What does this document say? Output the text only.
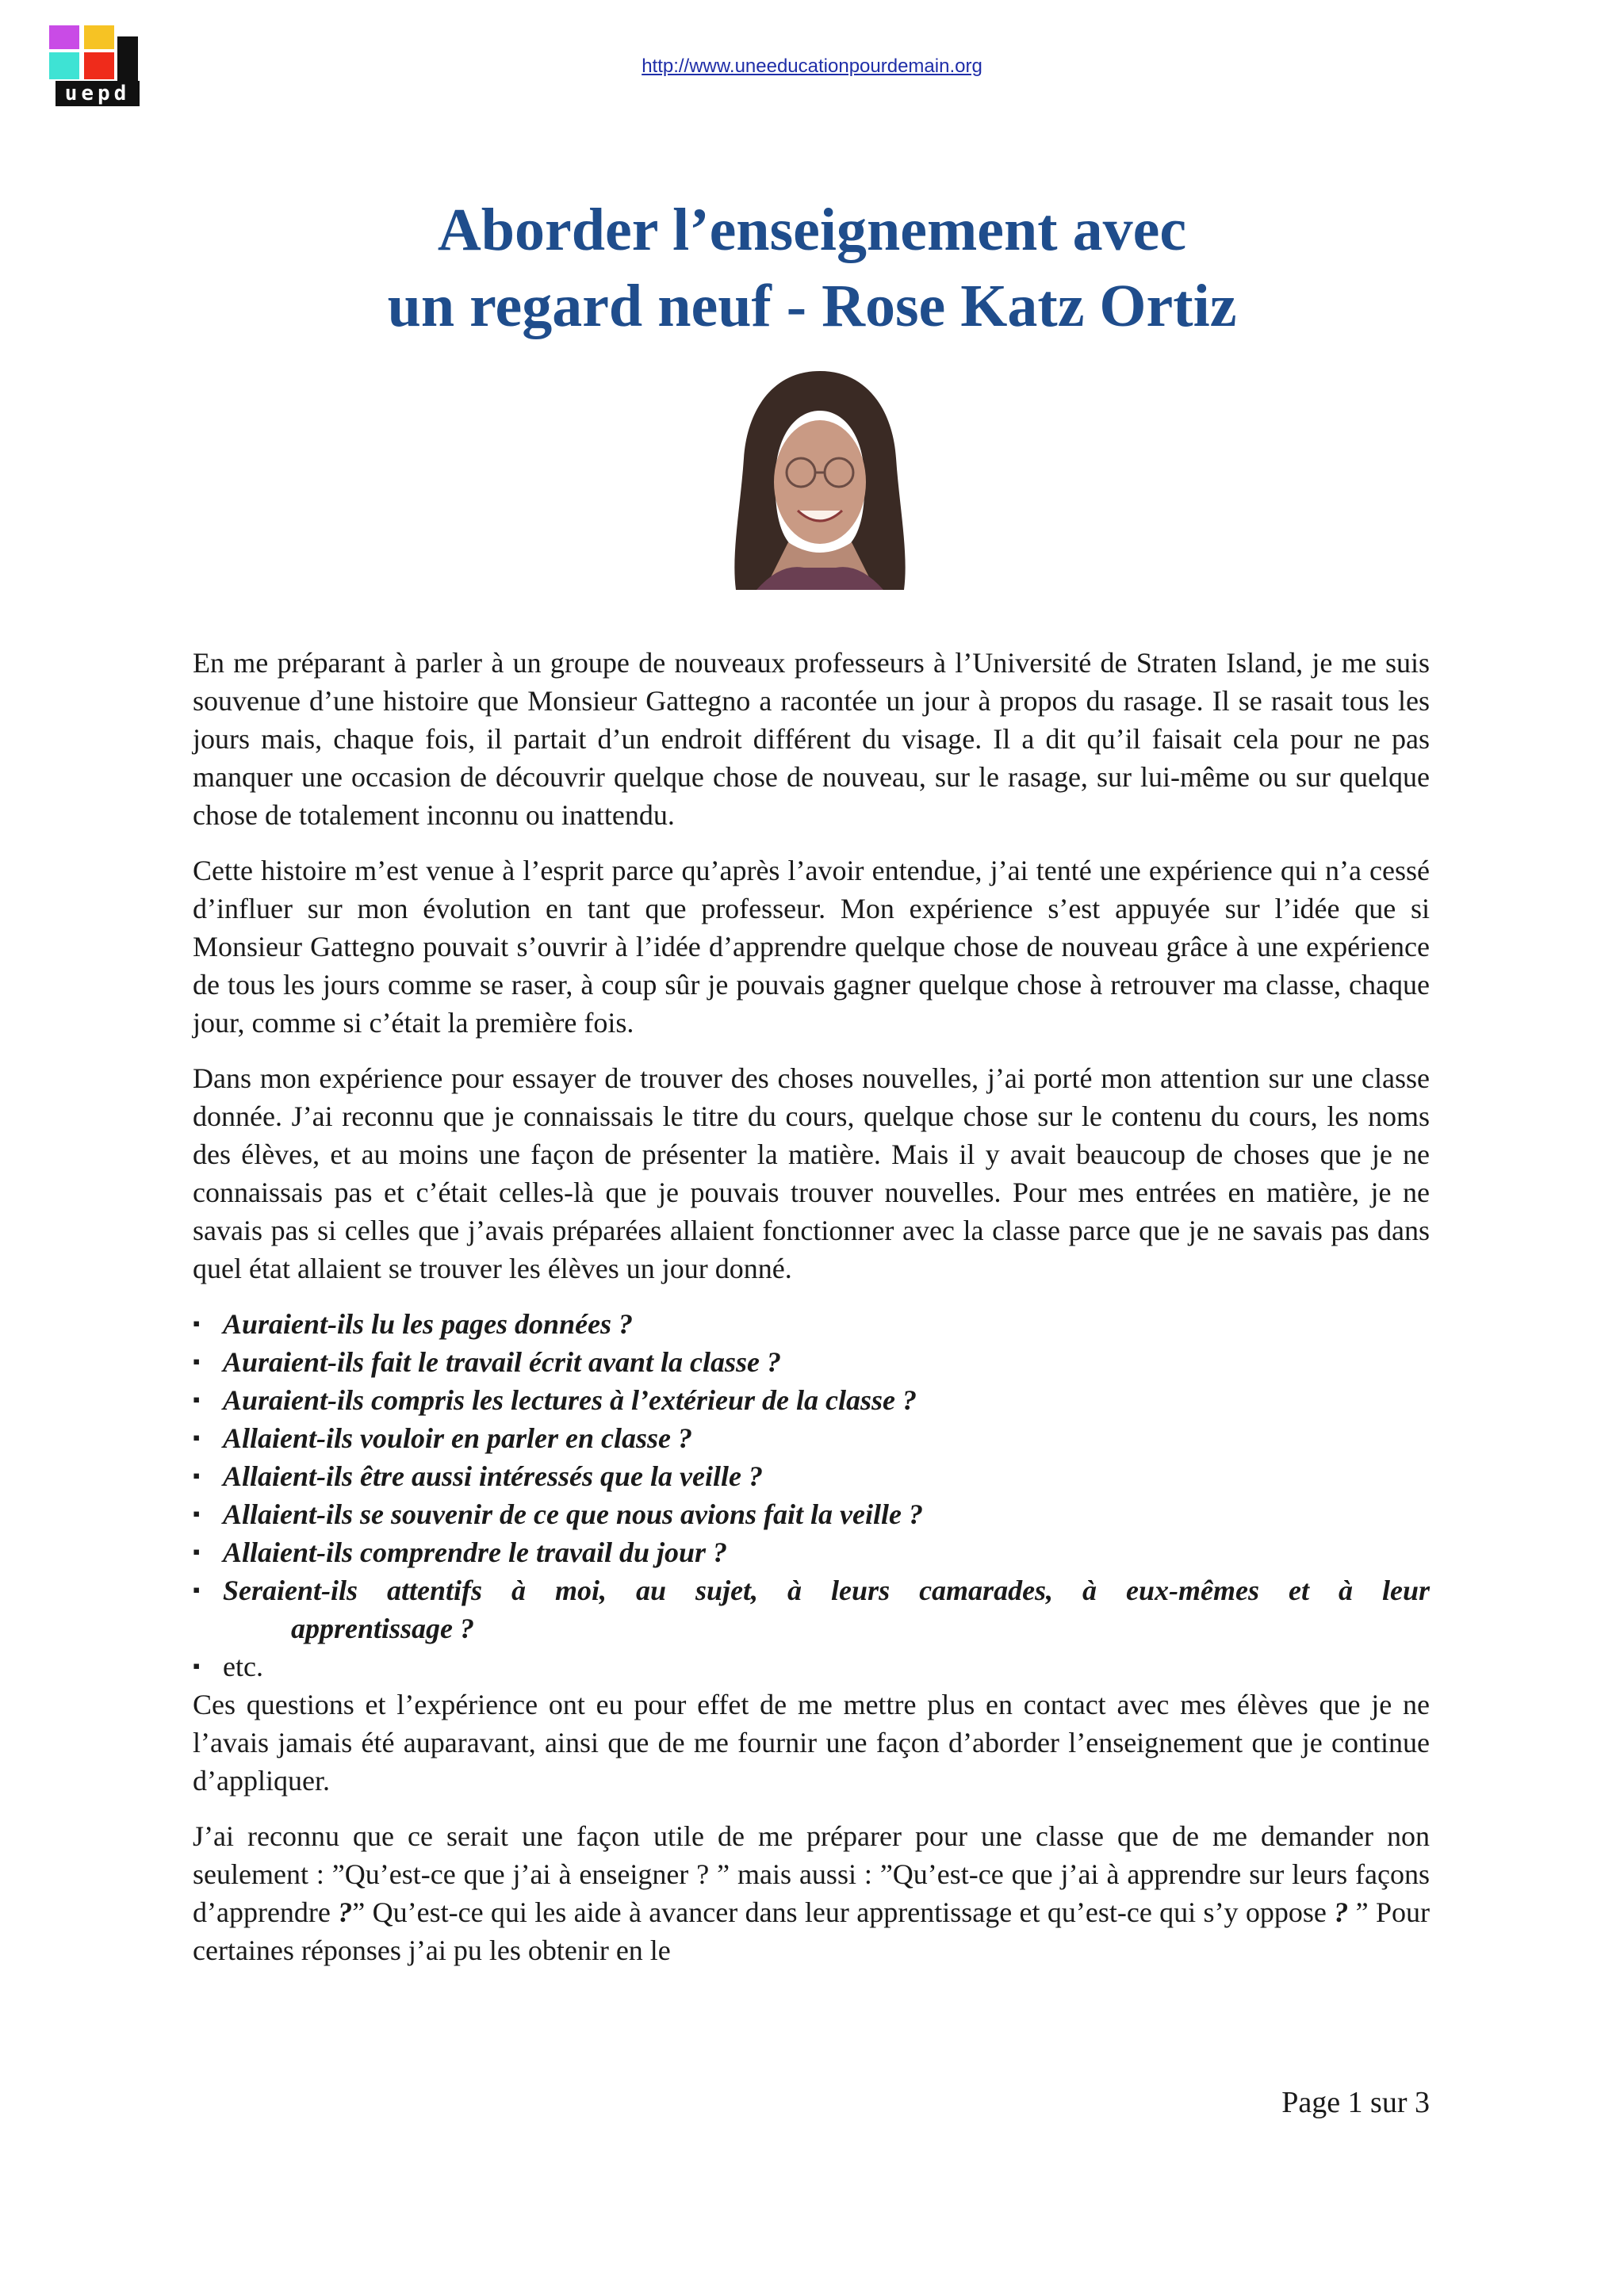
uepd
http://www.uneeducationpourdemain.org
Aborder l’enseignement avec
un regard neuf - Rose Katz Ortiz

En me préparant à parler à un groupe de nouveaux professeurs à l’Université de Straten Island, je me suis souvenue d’une histoire que Monsieur Gattegno a racontée un jour à propos du rasage. Il se rasait tous les jours mais, chaque fois, il partait d’un endroit différent du visage. Il a dit qu’il faisait cela pour ne pas manquer une occasion de découvrir quelque chose de nouveau, sur le rasage, sur lui-même ou sur quelque chose de totalement inconnu ou inattendu.

Cette histoire m’est venue à l’esprit parce qu’après l’avoir entendue, j’ai tenté une expérience qui n’a cessé d’influer sur mon évolution en tant que professeur. Mon expérience s’est appuyée sur l’idée que si Monsieur Gattegno pouvait s’ouvrir à l’idée d’apprendre quelque chose de nouveau grâce à une expérience de tous les jours comme se raser, à coup sûr je pouvais gagner quelque chose à retrouver ma classe, chaque jour, comme si c’était la première fois.

Dans mon expérience pour essayer de trouver des choses nouvelles, j’ai porté mon attention sur une classe donnée. J’ai reconnu que je connaissais le titre du cours, quelque chose sur le contenu du cours, les noms des élèves, et au moins une façon de présenter la matière. Mais il y avait beaucoup de choses que je ne connaissais pas et c’était celles-là que je pouvais trouver nouvelles. Pour mes entrées en matière, je ne savais pas si celles que j’avais préparées allaient fonctionner avec la classe parce que je ne savais pas dans quel état allaient se trouver les élèves un jour donné.

▪ Auraient-ils lu les pages données ?
▪ Auraient-ils fait le travail écrit avant la classe ?
▪ Auraient-ils compris les lectures à l’extérieur de la classe ?
▪ Allaient-ils vouloir en parler en classe ?
▪ Allaient-ils être aussi intéressés que la veille ?
▪ Allaient-ils se souvenir de ce que nous avions fait la veille ?
▪ Allaient-ils comprendre le travail du jour ?
▪ Seraient-ils attentifs à moi, au sujet, à leurs camarades, à eux-mêmes et à leur
apprentissage ?
▪ etc.

Ces questions et l’expérience ont eu pour effet de me mettre plus en contact avec mes élèves que je ne l’avais jamais été auparavant, ainsi que de me fournir une façon d’aborder l’enseignement que je continue d’appliquer.

J’ai reconnu que ce serait une façon utile de me préparer pour une classe que de me demander non seulement : ”Qu’est-ce que j’ai à enseigner ? ” mais aussi : ”Qu’est-ce que j’ai à apprendre sur leurs façons d’apprendre ?” Qu’est-ce qui les aide à avancer dans leur apprentissage et qu’est-ce qui s’y oppose ? ” Pour certaines réponses j’ai pu les obtenir en le

Page 1 sur 3
